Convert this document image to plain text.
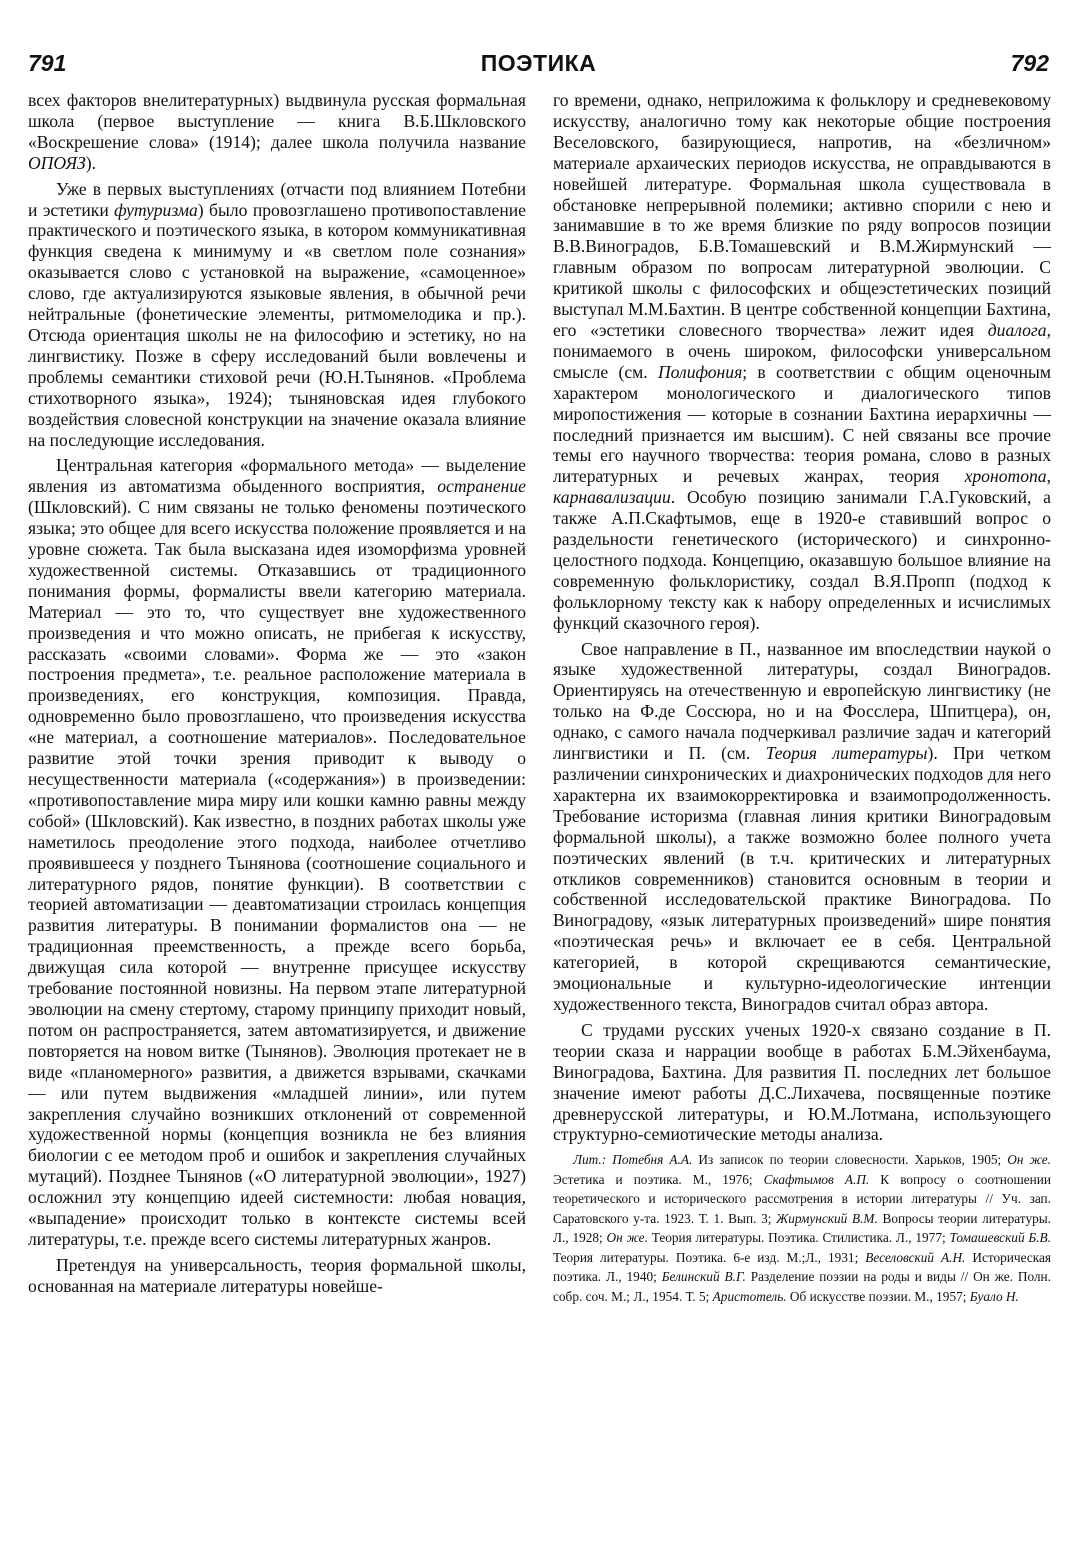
791	ПОЭТИКА	792

всех факторов внелитературных) выдвинула русская формальная школа (первое выступление — книга В.Б.Шкловского «Воскрешение слова» (1914); далее школа получила название ОПОЯЗ).

Уже в первых выступлениях (отчасти под влиянием Потебни и эстетики футуризма) было провозглашено противопоставление практического и поэтического языка, в котором коммуникативная функция сведена к минимуму и «в светлом поле сознания» оказывается слово с установкой на выражение, «самоценное» слово, где актуализируются языковые явления, в обычной речи нейтральные (фонетические элементы, ритмомелодика и пр.). Отсюда ориентация школы не на философию и эстетику, но на лингвистику. Позже в сферу исследований были вовлечены и проблемы семантики стиховой речи (Ю.Н.Тынянов. «Проблема стихотворного языка», 1924); тыняновская идея глубокого воздействия словесной конструкции на значение оказала влияние на последующие исследования.

Центральная категория «формального метода» — выделение явления из автоматизма обыденного восприятия, остранение (Шкловский). С ним связаны не только феномены поэтического языка; это общее для всего искусства положение проявляется и на уровне сюжета. Так была высказана идея изоморфизма уровней художественной системы. Отказавшись от традиционного понимания формы, формалисты ввели категорию материала. Материал — это то, что существует вне художественного произведения и что можно описать, не прибегая к искусству, рассказать «своими словами». Форма же — это «закон построения предмета», т.е. реальное расположение материала в произведениях, его конструкция, композиция. Правда, одновременно было провозглашено, что произведения искусства «не материал, а соотношение материалов». Последовательное развитие этой точки зрения приводит к выводу о несущественности материала («содержания») в произведении: «противопоставление мира миру или кошки камню равны между собой» (Шкловский). Как известно, в поздних работах школы уже наметилось преодоление этого подхода, наиболее отчетливо проявившееся у позднего Тынянова (соотношение социального и литературного рядов, понятие функции). В соответствии с теорией автоматизации — деавтоматизации строилась концепция развития литературы. В понимании формалистов она — не традиционная преемственность, а прежде всего борьба, движущая сила которой — внутренне присущее искусству требование постоянной новизны. На первом этапе литературной эволюции на смену стертому, старому принципу приходит новый, потом он распространяется, затем автоматизируется, и движение повторяется на новом витке (Тынянов). Эволюция протекает не в виде «планомерного» развития, а движется взрывами, скачками — или путем выдвижения «младшей линии», или путем закрепления случайно возникших отклонений от современной художественной нормы (концепция возникла не без влияния биологии с ее методом проб и ошибок и закрепления случайных мутаций). Позднее Тынянов («О литературной эволюции», 1927) осложнил эту концепцию идеей системности: любая новация, «выпадение» происходит только в контексте системы всей литературы, т.е. прежде всего системы литературных жанров.

Претендуя на универсальность, теория формальной школы, основанная на материале литературы новейше-

го времени, однако, неприложима к фольклору и средневековому искусству, аналогично тому как некоторые общие построения Веселовского, базирующиеся, напротив, на «безличном» материале архаических периодов искусства, не оправдываются в новейшей литературе. Формальная школа существовала в обстановке непрерывной полемики; активно спорили с нею и занимавшие в то же время близкие по ряду вопросов позиции В.В.Виноградов, Б.В.Томашевский и В.М.Жирмунский — главным образом по вопросам литературной эволюции. С критикой школы с философских и общеэстетических позиций выступал М.М.Бахтин. В центре собственной концепции Бахтина, его «эстетики словесного творчества» лежит идея диалога, понимаемого в очень широком, философски универсальном смысле (см. Полифония; в соответствии с общим оценочным характером монологического и диалогического типов миропостижения — которые в сознании Бахтина иерархичны — последний признается им высшим). С ней связаны все прочие темы его научного творчества: теория романа, слово в разных литературных и речевых жанрах, теория хронотопа, карнавализации. Особую позицию занимали Г.А.Гуковский, а также А.П.Скафтымов, еще в 1920-е ставивший вопрос о раздельности генетического (исторического) и синхронно-целостного подхода. Концепцию, оказавшую большое влияние на современную фольклористику, создал В.Я.Пропп (подход к фольклорному тексту как к набору определенных и исчислимых функций сказочного героя).

Свое направление в П., названное им впоследствии наукой о языке художественной литературы, создал Виноградов. Ориентируясь на отечественную и европейскую лингвистику (не только на Ф.де Соссюра, но и на Фосслера, Шпитцера), он, однако, с самого начала подчеркивал различие задач и категорий лингвистики и П. (см. Теория литературы). При четком различении синхронических и диахронических подходов для него характерна их взаимокорректировка и взаимопродолженность. Требование историзма (главная линия критики Виноградовым формальной школы), а также возможно более полного учета поэтических явлений (в т.ч. критических и литературных откликов современников) становится основным в теории и собственной исследовательской практике Виноградова. По Виноградову, «язык литературных произведений» шире понятия «поэтическая речь» и включает ее в себя. Центральной категорией, в которой скрещиваются семантические, эмоциональные и культурно-идеологические интенции художественного текста, Виноградов считал образ автора.

С трудами русских ученых 1920-х связано создание в П. теории сказа и наррации вообще в работах Б.М.Эйхенбаума, Виноградова, Бахтина. Для развития П. последних лет большое значение имеют работы Д.С.Лихачева, посвященные поэтике древнерусской литературы, и Ю.М.Лотмана, использующего структурно-семиотические методы анализа.

Лит.: Потебня А.А. Из записок по теории словесности. Харьков, 1905; Он же. Эстетика и поэтика. М., 1976; Скафтымов А.П. К вопросу о соотношении теоретического и исторического рассмотрения в истории литературы // Уч. зап. Саратовского у-та. 1923. Т. 1. Вып. 3; Жирмунский В.М. Вопросы теории литературы. Л., 1928; Он же. Теория литературы. Поэтика. Стилистика. Л., 1977; Томашевский Б.В. Теория литературы. Поэтика. 6-е изд. М.;Л., 1931; Веселовский А.Н. Историческая поэтика. Л., 1940; Белинский В.Г. Разделение поэзии на роды и виды // Он же. Полн. собр. соч. М.; Л., 1954. Т. 5; Аристотель. Об искусстве поэзии. М., 1957; Буало Н.
